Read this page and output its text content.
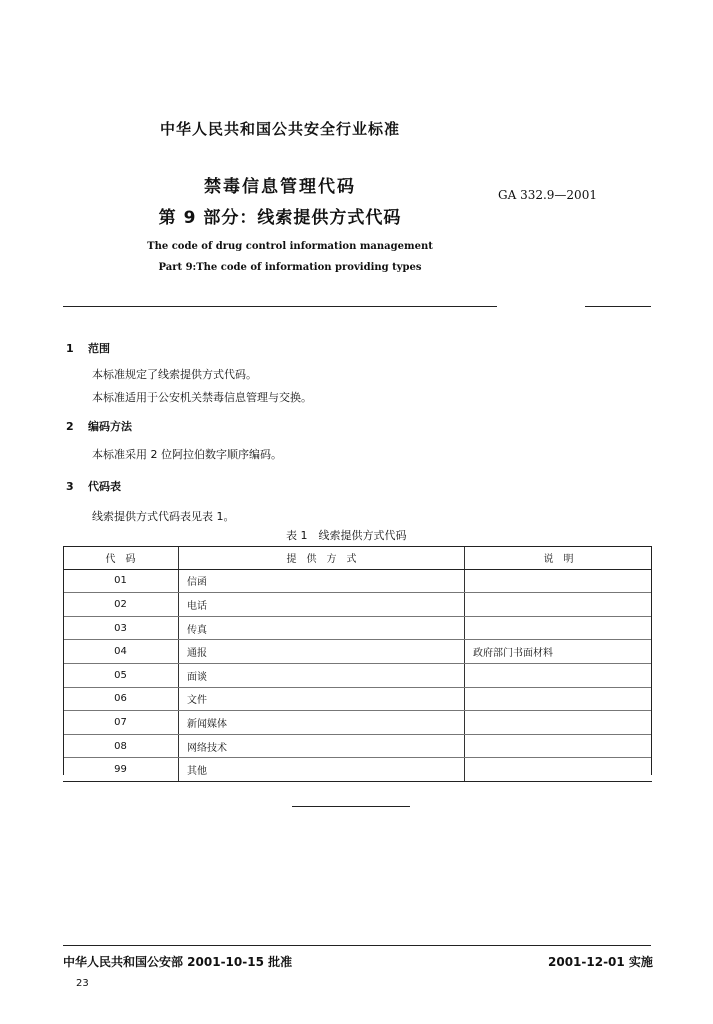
中华人民共和国公共安全行业标准
禁毒信息管理代码
第 9 部分：线索提供方式代码
GA 332.9—2001
The code of drug control information management
Part 9:The code of information providing types
1 范围
本标准规定了线索提供方式代码。
本标准适用于公安机关禁毒信息管理与交换。
2 编码方法
本标准采用 2 位阿拉伯数字顺序编码。
3 代码表
线索提供方式代码表见表 1。
表 1　线索提供方式代码
代　码	提　供　方　式	说　明
01	信函	
02	电话	
03	传真	
04	通报	政府部门书面材料
05	面谈	
06	文件	
07	新闻媒体	
08	网络技术	
99	其他	
中华人民共和国公安部 2001-10-15 批准	2001-12-01 实施
23
